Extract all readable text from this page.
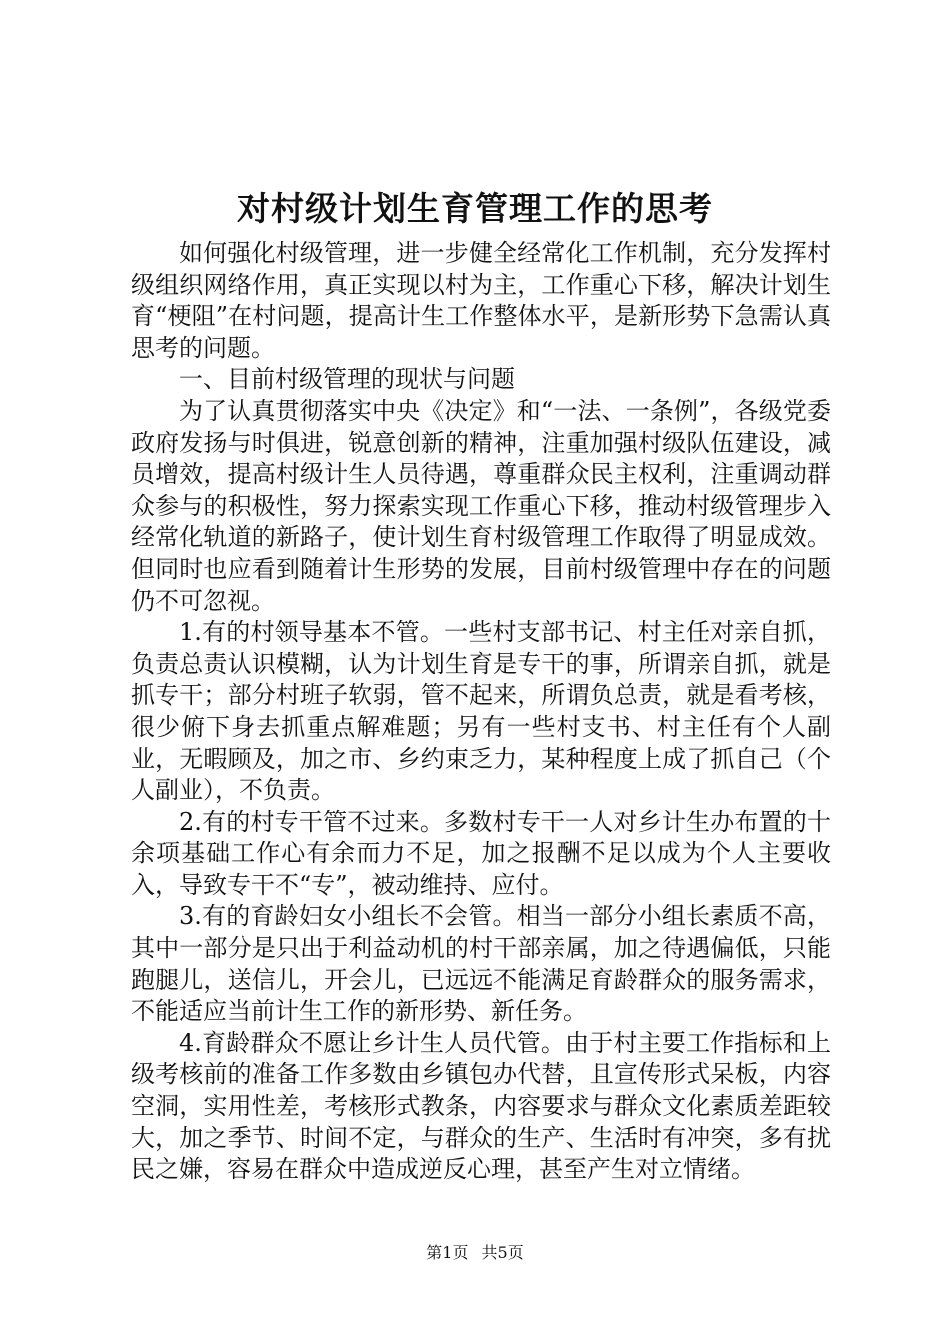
对村级计划生育管理工作的思考

如何强化村级管理，进一步健全经常化工作机制，充分发挥村级组织网络作用，真正实现以村为主，工作重心下移，解决计划生育“梗阻”在村问题，提高计生工作整体水平，是新形势下急需认真思考的问题。

一、目前村级管理的现状与问题

为了认真贯彻落实中央《决定》和“一法、一条例”，各级党委政府发扬与时俱进，锐意创新的精神，注重加强村级队伍建设，减员增效，提高村级计生人员待遇，尊重群众民主权利，注重调动群众参与的积极性，努力探索实现工作重心下移，推动村级管理步入经常化轨道的新路子，使计划生育村级管理工作取得了明显成效。但同时也应看到随着计生形势的发展，目前村级管理中存在的问题仍不可忽视。

1.有的村领导基本不管。一些村支部书记、村主任对亲自抓，负责总责认识模糊，认为计划生育是专干的事，所谓亲自抓，就是抓专干；部分村班子软弱，管不起来，所谓负总责，就是看考核，很少俯下身去抓重点解难题；另有一些村支书、村主任有个人副业，无暇顾及，加之市、乡约束乏力，某种程度上成了抓自己（个人副业），不负责。

2.有的村专干管不过来。多数村专干一人对乡计生办布置的十余项基础工作心有余而力不足，加之报酬不足以成为个人主要收入，导致专干不“专”，被动维持、应付。

3.有的育龄妇女小组长不会管。相当一部分小组长素质不高，其中一部分是只出于利益动机的村干部亲属，加之待遇偏低，只能跑腿儿，送信儿，开会儿，已远远不能满足育龄群众的服务需求，不能适应当前计生工作的新形势、新任务。

4.育龄群众不愿让乡计生人员代管。由于村主要工作指标和上级考核前的准备工作多数由乡镇包办代替，且宣传形式呆板，内容空洞，实用性差，考核形式教条，内容要求与群众文化素质差距较大，加之季节、时间不定，与群众的生产、生活时有冲突，多有扰民之嫌，容易在群众中造成逆反心理，甚至产生对立情绪。

第1页 共5页
